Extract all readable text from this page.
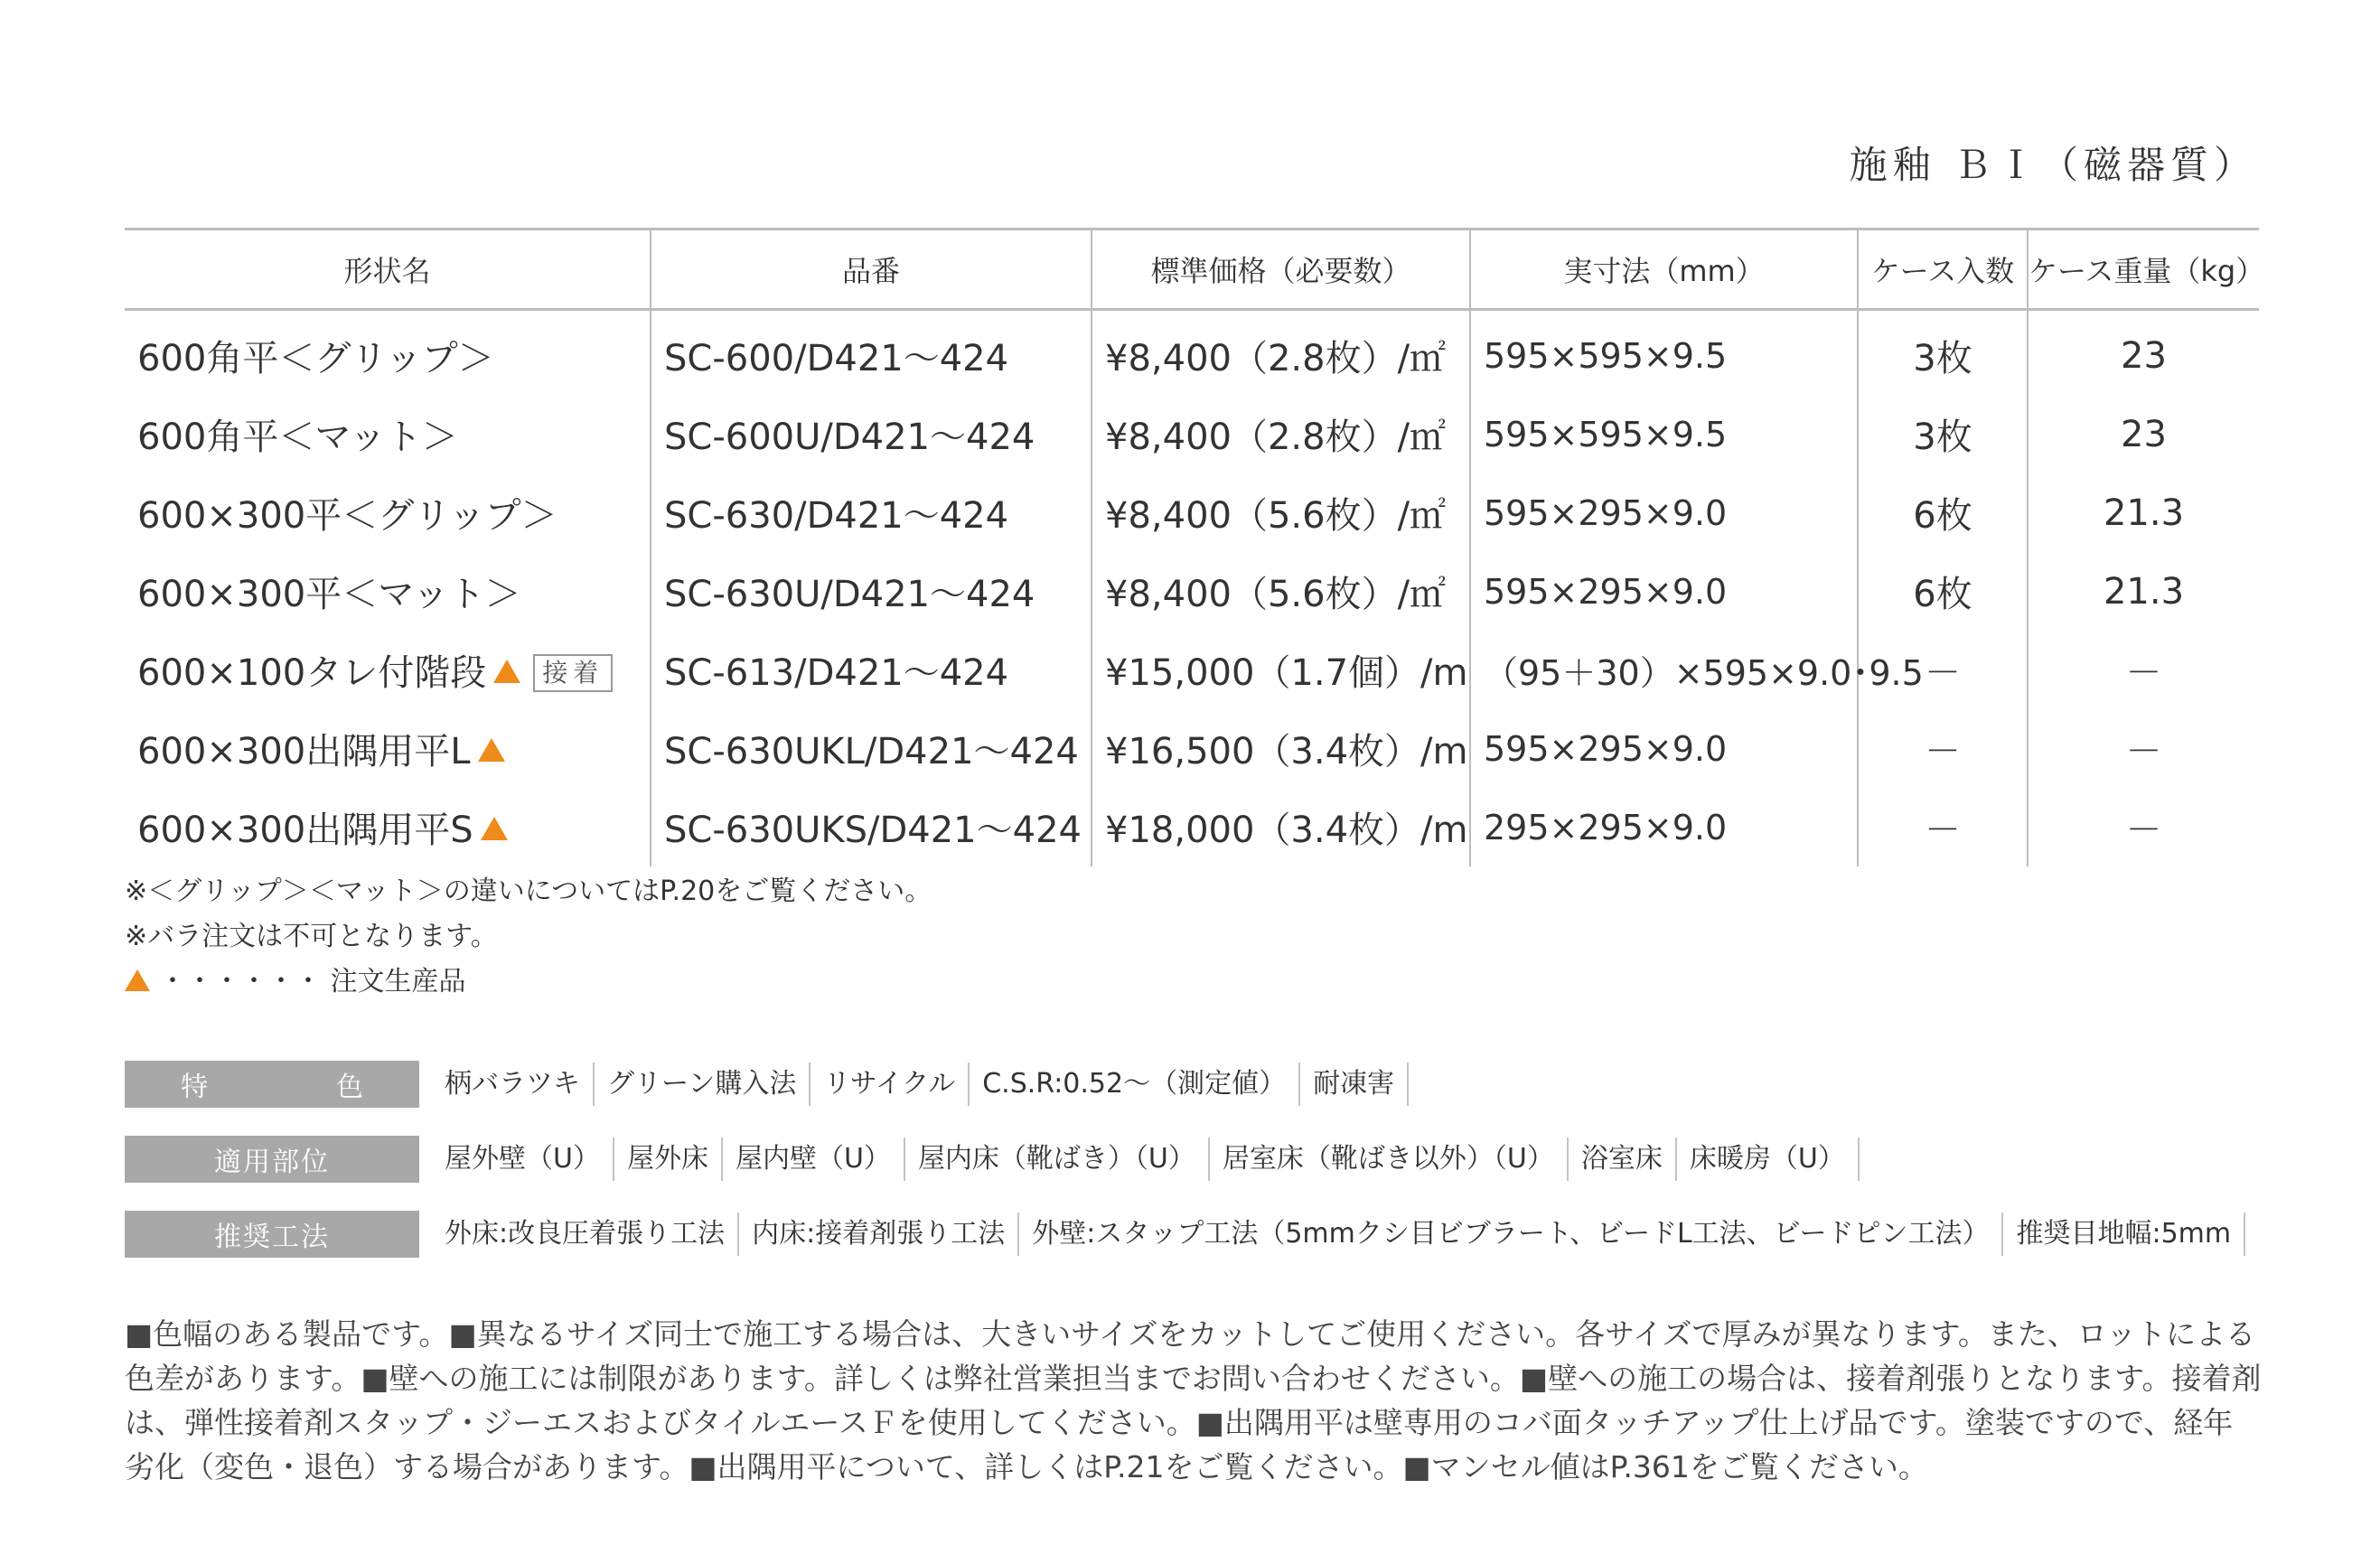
施釉 ＢＩ（磁器質）
形状名	品番	標準価格（必要数）	実寸法（mm）	ケース入数	ケース重量（kg）
600角平＜グリップ＞	SC-600/D421～424	¥8,400（2.8枚）/㎡	595×595×9.5	3枚	23
600角平＜マット＞	SC-600U/D421～424	¥8,400（2.8枚）/㎡	595×595×9.5	3枚	23
600×300平＜グリップ＞	SC-630/D421～424	¥8,400（5.6枚）/㎡	595×295×9.0	6枚	21.3
600×300平＜マット＞	SC-630U/D421～424	¥8,400（5.6枚）/㎡	595×295×9.0	6枚	21.3
600×100タレ付階段 接着	SC-613/D421～424	¥15,000（1.7個）/m	（95＋30）×595×9.0･9.5	－	－
600×300出隅用平L	SC-630UKL/D421～424	¥16,500（3.4枚）/m	595×295×9.0	－	－
600×300出隅用平S	SC-630UKS/D421～424	¥18,000（3.4枚）/m	295×295×9.0	－	－
※＜グリップ＞＜マット＞の違いについてはP.20をご覧ください。
※バラ注文は不可となります。
・・・・・・ 注文生産品
特　色	柄バラツキ	グリーン購入法	リサイクル	C.S.R:0.52～（測定値）	耐凍害
適用部位	屋外壁（U）	屋外床	屋内壁（U）	屋内床（靴ばき）（U）	居室床（靴ばき以外）（U）	浴室床	床暖房（U）
推奨工法	外床:改良圧着張り工法	内床:接着剤張り工法	外壁:スタップ工法（5mmクシ目ビブラート、ビードL工法、ビードピン工法）	推奨目地幅:5mm
■色幅のある製品です。■異なるサイズ同士で施工する場合は、大きいサイズをカットしてご使用ください。各サイズで厚みが異なります。また、ロットによる色差があります。■壁への施工には制限があります。詳しくは弊社営業担当までお問い合わせください。■壁への施工の場合は、接着剤張りとなります。接着剤は、弾性接着剤スタップ・ジーエスおよびタイルエースＦを使用してください。■出隅用平は壁専用のコバ面タッチアップ仕上げ品です。塗装ですので、経年劣化（変色・退色）する場合があります。■出隅用平について、詳しくはP.21をご覧ください。■マンセル値はP.361をご覧ください。
